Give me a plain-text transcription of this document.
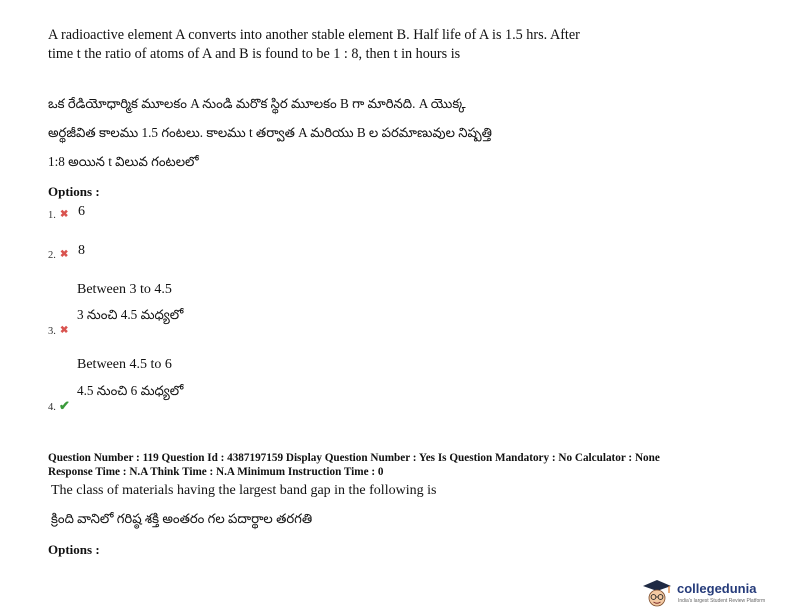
A radioactive element A converts into another stable element B. Half life of A is 1.5 hrs. After time t the ratio of atoms of A and B is found to be 1 : 8, then t in hours is
ఒక రేడియోధార్మిక మూలకం A నుండి మరొక స్థిర మూలకం B గా మారినది. A యొక్క
అర్థజీవిత కాలము 1.5 గంటలు. కాలము t తర్వాత A మరియు B ల పరమాణువుల నిష్పత్తి
1:8 అయిన t విలువ గంటలలో
Options :
1. ✖ 6
2. ✖ 8
Between 3 to 4.5
3 నుంచి 4.5 మధ్యలో
3. ✖
Between 4.5 to 6
4.5 నుంచి 6 మధ్యలో
4. ✔
Question Number : 119 Question Id : 4387197159 Display Question Number : Yes Is Question Mandatory : No Calculator : None
Response Time : N.A Think Time : N.A Minimum Instruction Time : 0
The class of materials having the largest band gap in the following is
క్రింది వానిలో గరిష్ఠ శక్తి అంతరం గల పదార్థాల తరగతి
Options :
collegedunia
India's largest Student Review Platform
